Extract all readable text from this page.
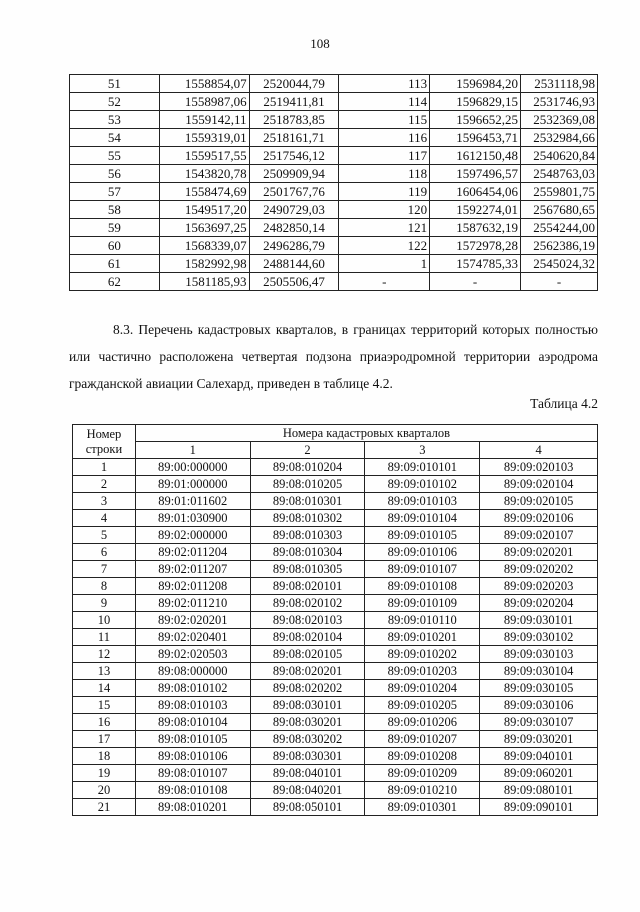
108
51	1558854,07	2520044,79	113	1596984,20	2531118,98
52	1558987,06	2519411,81	114	1596829,15	2531746,93
53	1559142,11	2518783,85	115	1596652,25	2532369,08
54	1559319,01	2518161,71	116	1596453,71	2532984,66
55	1559517,55	2517546,12	117	1612150,48	2540620,84
56	1543820,78	2509909,94	118	1597496,57	2548763,03
57	1558474,69	2501767,76	119	1606454,06	2559801,75
58	1549517,20	2490729,03	120	1592274,01	2567680,65
59	1563697,25	2482850,14	121	1587632,19	2554244,00
60	1568339,07	2496286,79	122	1572978,28	2562386,19
61	1582992,98	2488144,60	1	1574785,33	2545024,32
62	1581185,93	2505506,47	-	-	-
8.3. Перечень кадастровых кварталов, в границах территорий которых полностью или частично расположена четвертая подзона приаэродромной территории аэродрома гражданской авиации Салехард, приведен в таблице 4.2.
Таблица 4.2
Номер строки	Номера кадастровых кварталов			
	1	2	3	4
1	89:00:000000	89:08:010204	89:09:010101	89:09:020103
2	89:01:000000	89:08:010205	89:09:010102	89:09:020104
3	89:01:011602	89:08:010301	89:09:010103	89:09:020105
4	89:01:030900	89:08:010302	89:09:010104	89:09:020106
5	89:02:000000	89:08:010303	89:09:010105	89:09:020107
6	89:02:011204	89:08:010304	89:09:010106	89:09:020201
7	89:02:011207	89:08:010305	89:09:010107	89:09:020202
8	89:02:011208	89:08:020101	89:09:010108	89:09:020203
9	89:02:011210	89:08:020102	89:09:010109	89:09:020204
10	89:02:020201	89:08:020103	89:09:010110	89:09:030101
11	89:02:020401	89:08:020104	89:09:010201	89:09:030102
12	89:02:020503	89:08:020105	89:09:010202	89:09:030103
13	89:08:000000	89:08:020201	89:09:010203	89:09:030104
14	89:08:010102	89:08:020202	89:09:010204	89:09:030105
15	89:08:010103	89:08:030101	89:09:010205	89:09:030106
16	89:08:010104	89:08:030201	89:09:010206	89:09:030107
17	89:08:010105	89:08:030202	89:09:010207	89:09:030201
18	89:08:010106	89:08:030301	89:09:010208	89:09:040101
19	89:08:010107	89:08:040101	89:09:010209	89:09:060201
20	89:08:010108	89:08:040201	89:09:010210	89:09:080101
21	89:08:010201	89:08:050101	89:09:010301	89:09:090101
